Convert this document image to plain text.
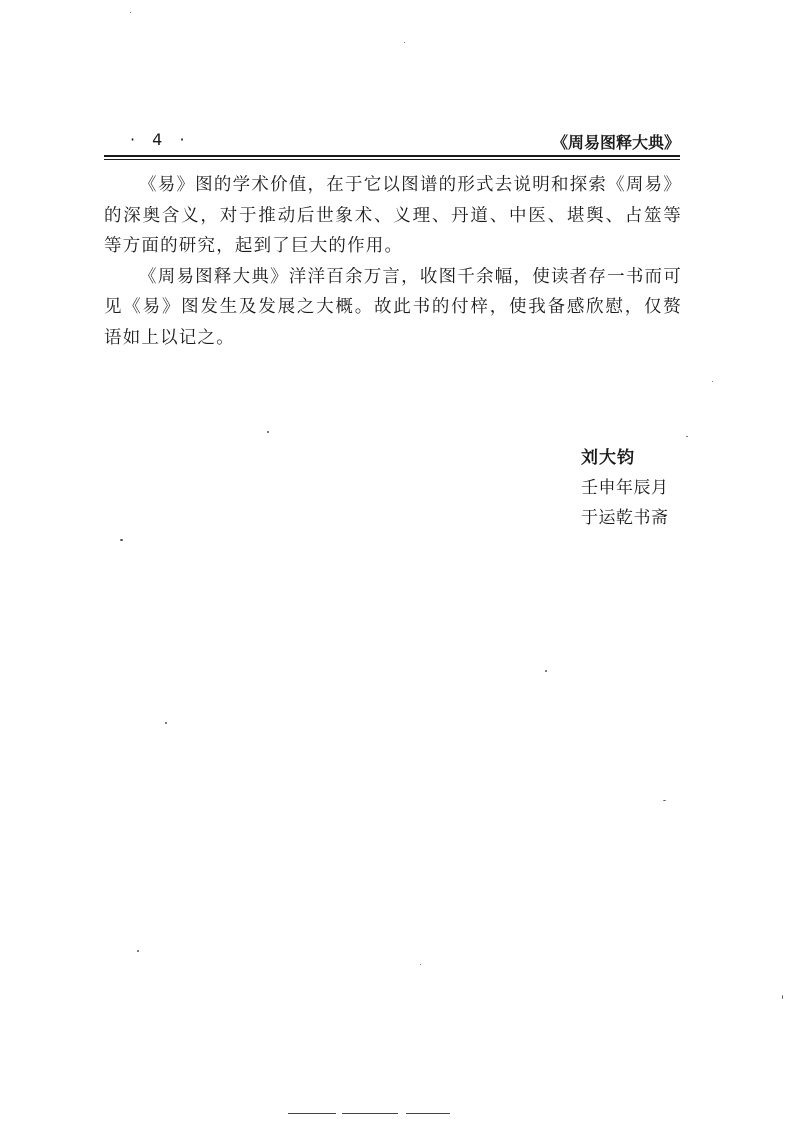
· 4 ·	《周易图释大典》

《易》图的学术价值，在于它以图谱的形式去说明和探索《周易》的深奥含义，对于推动后世象术、义理、丹道、中医、堪舆、占筮等等方面的研究，起到了巨大的作用。

《周易图释大典》洋洋百余万言，收图千余幅，使读者存一书而可见《易》图发生及发展之大概。故此书的付梓，使我备感欣慰，仅赘语如上以记之。

刘大钧
壬申年辰月
于运乾书斋
